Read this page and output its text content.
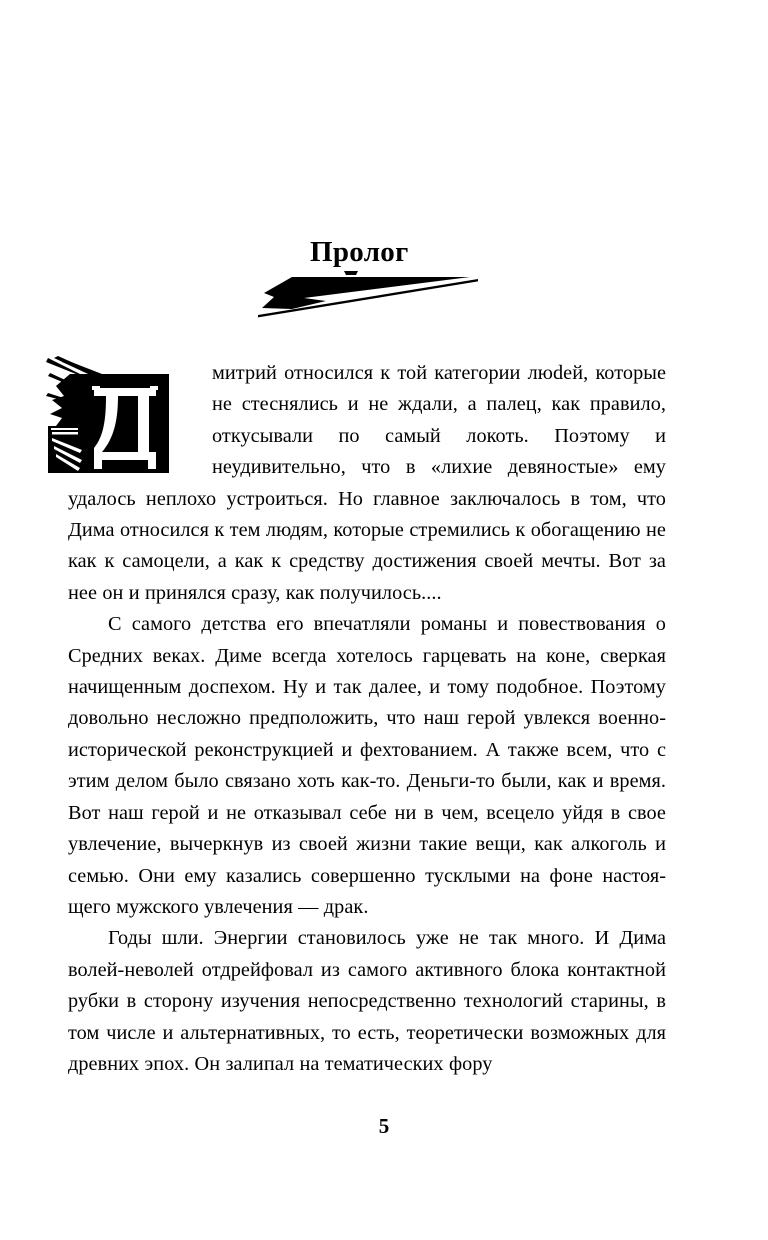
Пролог

митрий относился к той категории люdей, которые не стеснялись и не ждали, а палец, как правило, откусывали по самый локоть. Поэтому и неудивительно, что в «лихие девяностые» ему удалось неплохо устроиться. Но главное заключалось в том, что Дима относился к тем людям, которые стремились к обогащению не как к самоцели, а как к средству достижения своей мечты. Вот за нее он и принялся сразу, как получилось....

С самого детства его впечатляли романы и повествования о Средних веках. Диме всегда хотелось гарцевать на коне, сверкая начищенным доспехом. Ну и так далее, и тому подобное. Поэтому довольно несложно предположить, что наш герой увлекся военно-исторической реконструкцией и фехтованием. А также всем, что с этим делом было связано хоть как-то. Деньги-то были, как и время. Вот наш герой и не отказывал себе ни в чем, всецело уйдя в свое увлечение, вычеркнув из своей жизни такие вещи, как алкоголь и семью. Они ему казались совершенно тусклыми на фоне настоящего мужского увлечения — драк.

Годы шли. Энергии становилось уже не так много. И Дима волей-неволей отдрейфовал из самого активного блока контактной рубки в сторону изучения непосредственно технологий старины, в том числе и альтернативных, то есть, теоретически возможных для древних эпох. Он залипал на тематических фору

5
